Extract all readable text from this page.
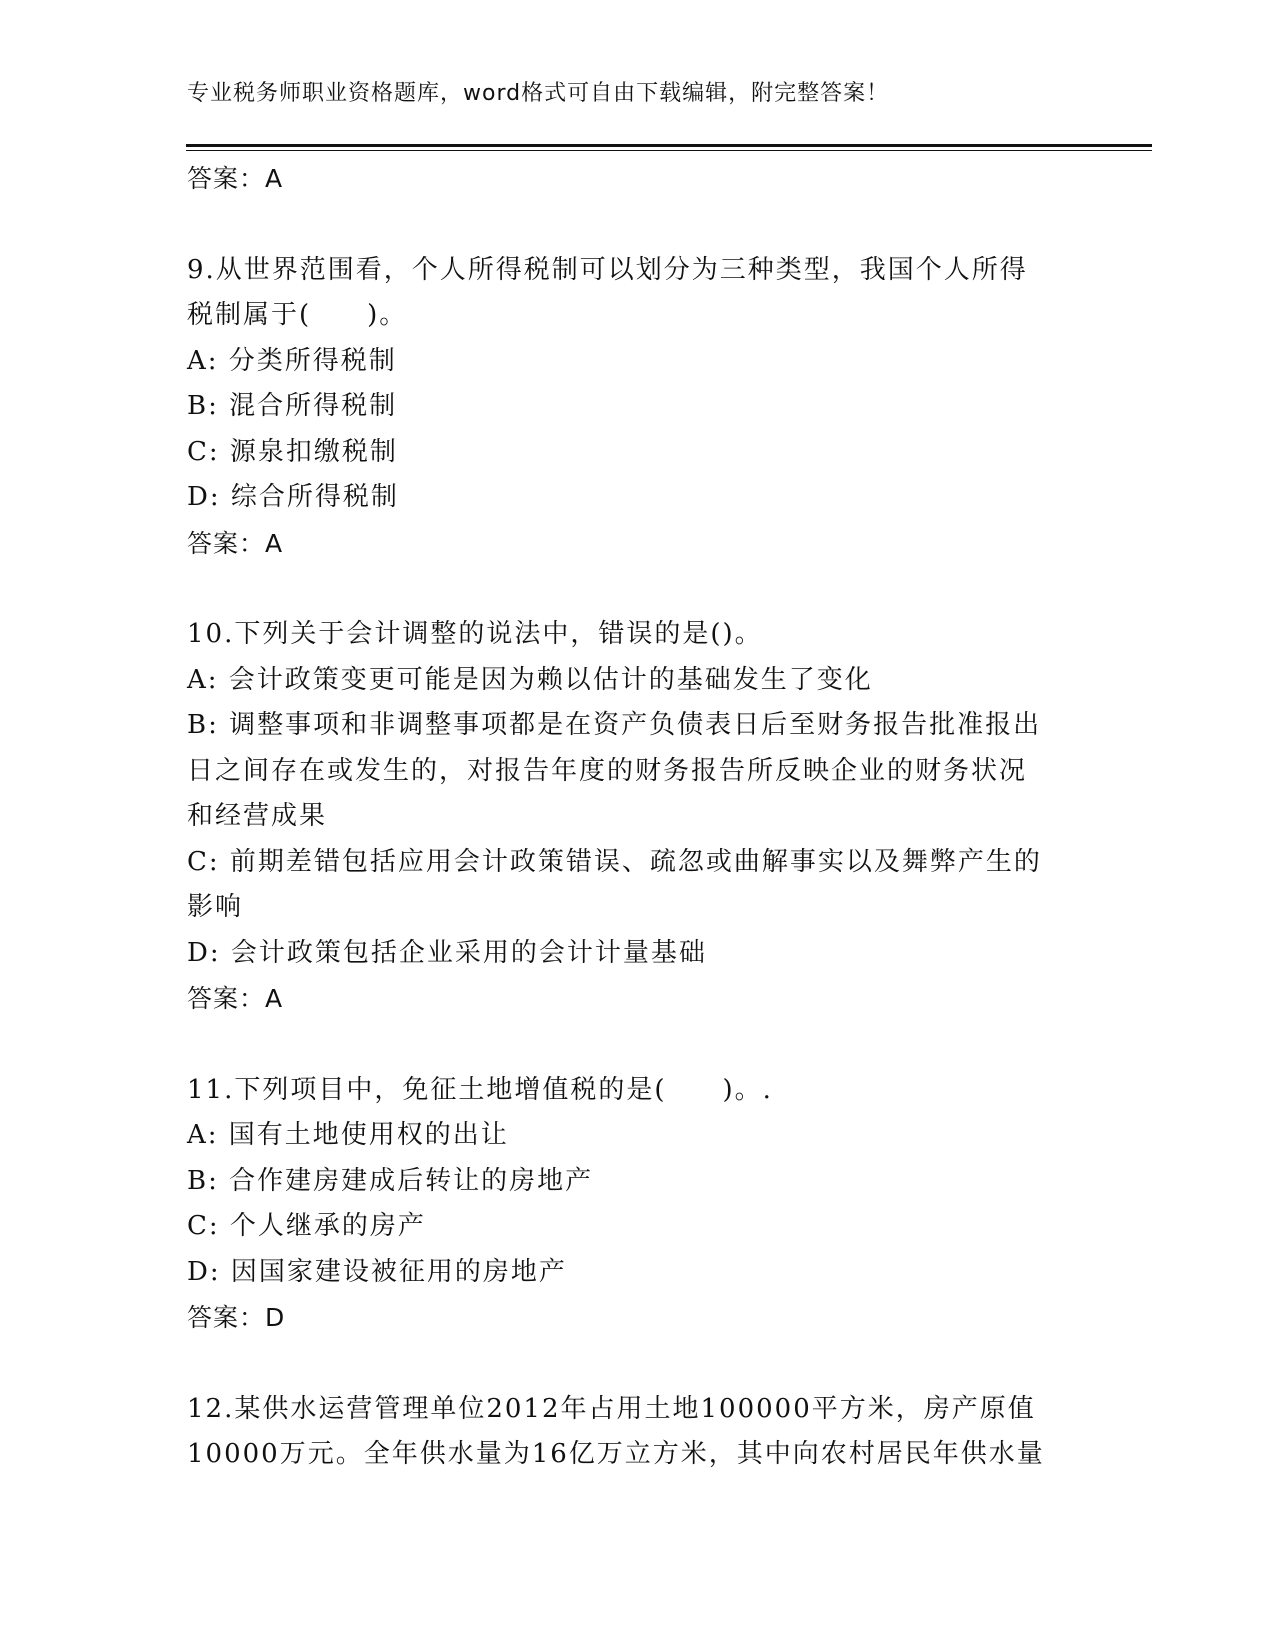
专业税务师职业资格题库，word格式可自由下载编辑，附完整答案！
答案：A
9.从世界范围看，个人所得税制可以划分为三种类型，我国个人所得
税制属于(　　)。
A: 分类所得税制
B: 混合所得税制
C: 源泉扣缴税制
D: 综合所得税制
答案：A
10.下列关于会计调整的说法中，错误的是()。
A: 会计政策变更可能是因为赖以估计的基础发生了变化
B: 调整事项和非调整事项都是在资产负债表日后至财务报告批准报出
日之间存在或发生的，对报告年度的财务报告所反映企业的财务状况
和经营成果
C: 前期差错包括应用会计政策错误、疏忽或曲解事实以及舞弊产生的
影响
D: 会计政策包括企业采用的会计计量基础
答案：A
11.下列项目中，免征土地增值税的是(　　)。.
A: 国有土地使用权的出让
B: 合作建房建成后转让的房地产
C: 个人继承的房产
D: 因国家建设被征用的房地产
答案：D
12.某供水运营管理单位2012年占用土地100000平方米，房产原值
10000万元。全年供水量为16亿万立方米，其中向农村居民年供水量
